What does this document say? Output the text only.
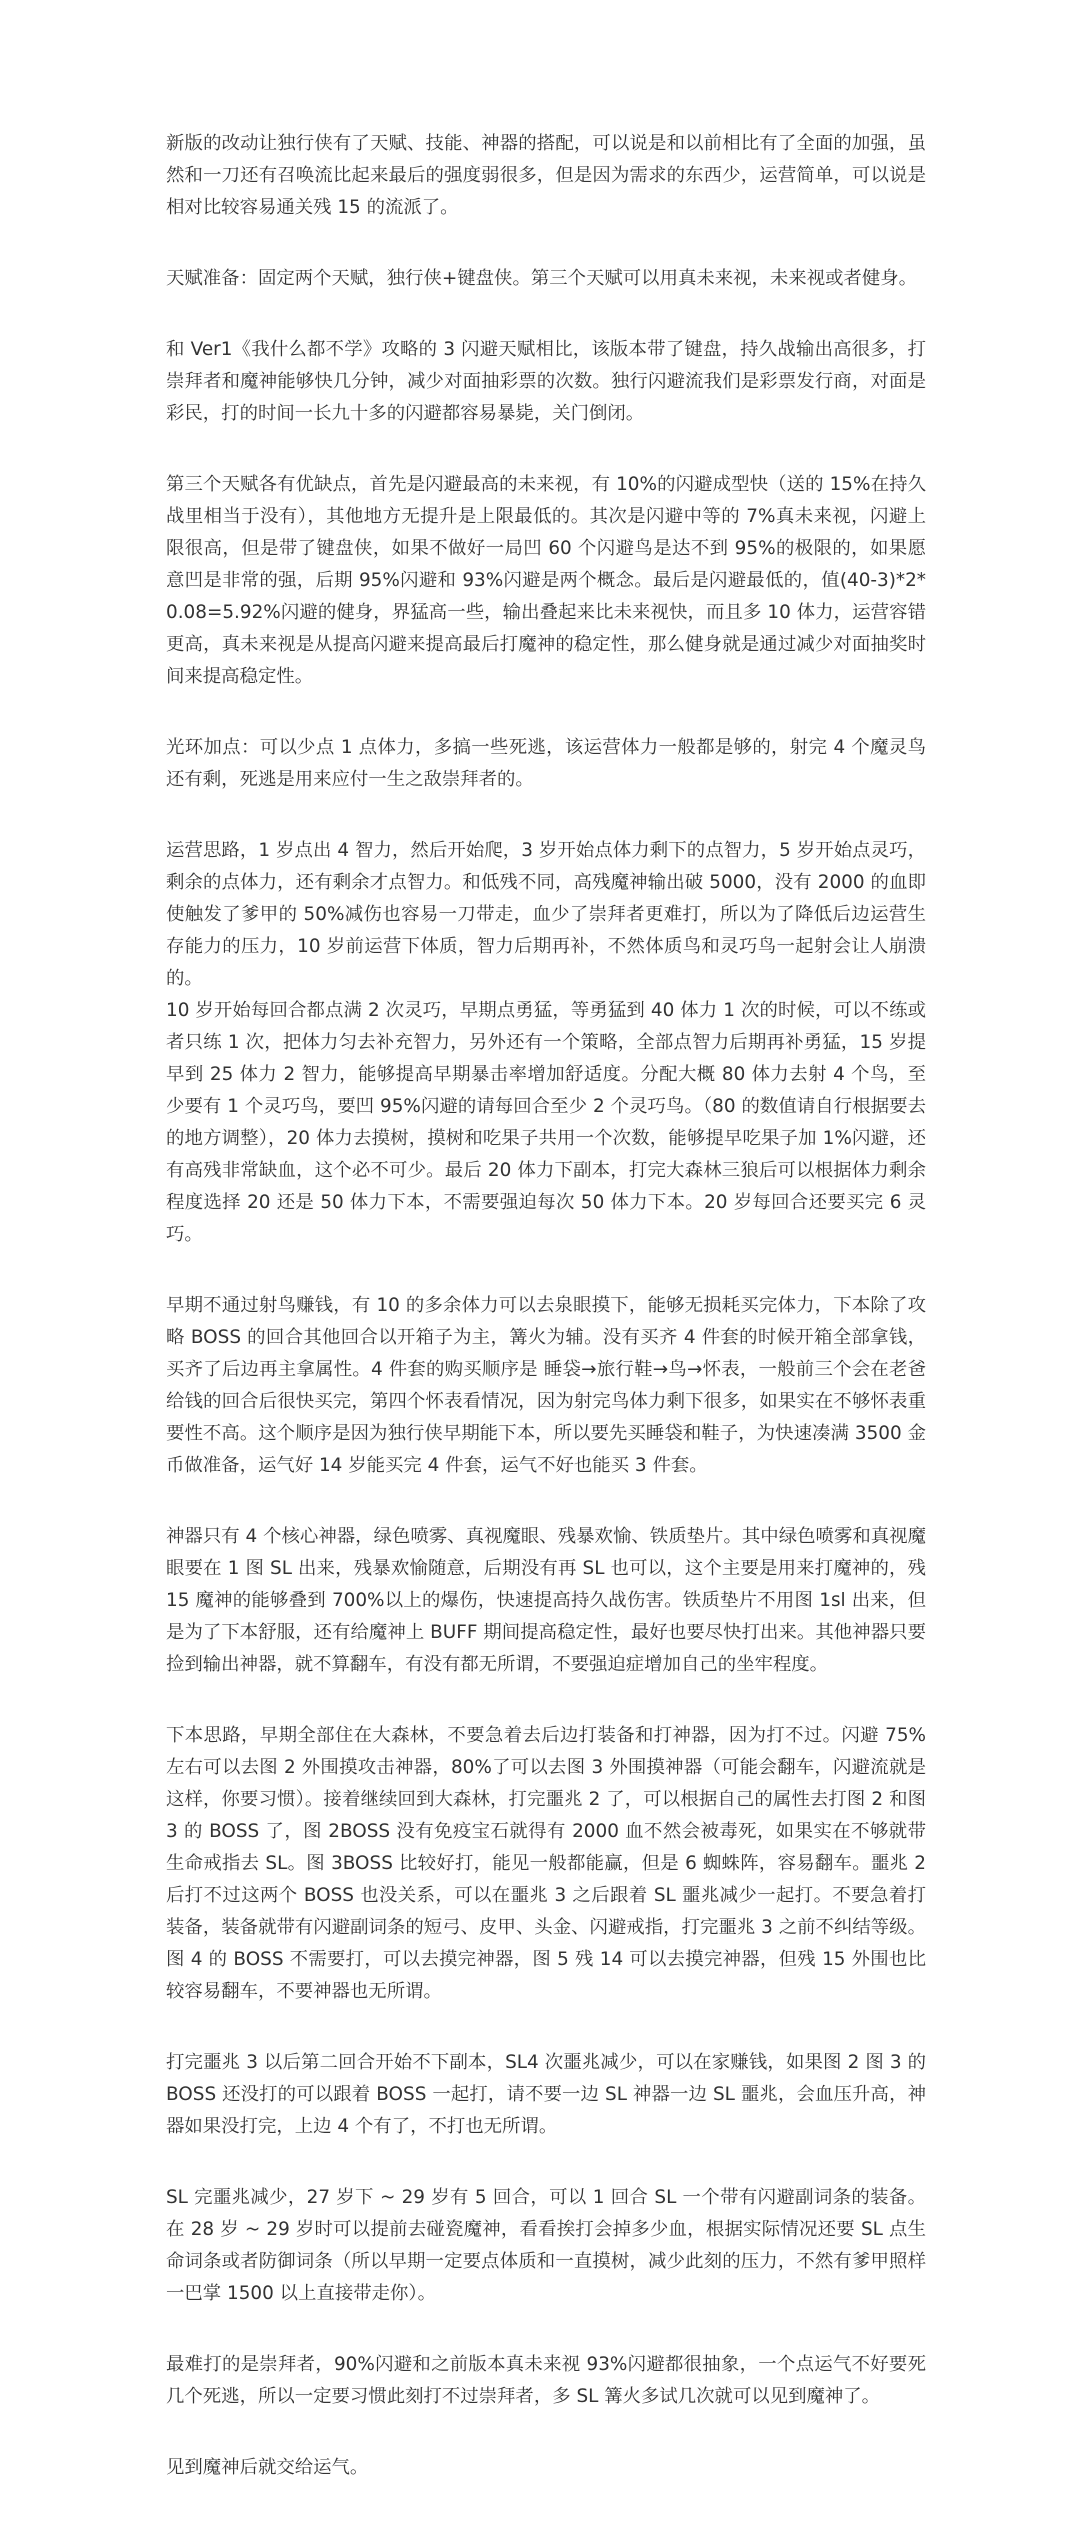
新版的改动让独行侠有了天赋、技能、神器的搭配，可以说是和以前相比有了全面的加强，虽然和一刀还有召唤流比起来最后的强度弱很多，但是因为需求的东西少，运营简单，可以说是相对比较容易通关残 15 的流派了。

天赋准备：固定两个天赋，独行侠+键盘侠。第三个天赋可以用真未来视，未来视或者健身。

和 Ver1《我什么都不学》攻略的 3 闪避天赋相比，该版本带了键盘，持久战输出高很多，打崇拜者和魔神能够快几分钟，减少对面抽彩票的次数。独行闪避流我们是彩票发行商，对面是彩民，打的时间一长九十多的闪避都容易暴毙，关门倒闭。

第三个天赋各有优缺点，首先是闪避最高的未来视，有 10%的闪避成型快（送的 15%在持久战里相当于没有），其他地方无提升是上限最低的。其次是闪避中等的 7%真未来视，闪避上限很高，但是带了键盘侠，如果不做好一局凹 60 个闪避鸟是达不到 95%的极限的，如果愿意凹是非常的强，后期 95%闪避和 93%闪避是两个概念。最后是闪避最低的，值(40-3)*2*0.08=5.92%闪避的健身，界猛高一些，输出叠起来比未来视快，而且多 10 体力，运营容错更高，真未来视是从提高闪避来提高最后打魔神的稳定性，那么健身就是通过减少对面抽奖时间来提高稳定性。

光环加点：可以少点 1 点体力，多搞一些死逃，该运营体力一般都是够的，射完 4 个魔灵鸟还有剩，死逃是用来应付一生之敌崇拜者的。

运营思路，1 岁点出 4 智力，然后开始爬，3 岁开始点体力剩下的点智力，5 岁开始点灵巧，剩余的点体力，还有剩余才点智力。和低残不同，高残魔神输出破 5000，没有 2000 的血即使触发了爹甲的 50%减伤也容易一刀带走，血少了崇拜者更难打，所以为了降低后边运营生存能力的压力，10 岁前运营下体质，智力后期再补，不然体质鸟和灵巧鸟一起射会让人崩溃的。

10 岁开始每回合都点满 2 次灵巧，早期点勇猛，等勇猛到 40 体力 1 次的时候，可以不练或者只练 1 次，把体力匀去补充智力，另外还有一个策略，全部点智力后期再补勇猛，15 岁提早到 25 体力 2 智力，能够提高早期暴击率增加舒适度。分配大概 80 体力去射 4 个鸟，至少要有 1 个灵巧鸟，要凹 95%闪避的请每回合至少 2 个灵巧鸟。（80 的数值请自行根据要去的地方调整），20 体力去摸树，摸树和吃果子共用一个次数，能够提早吃果子加 1%闪避，还有高残非常缺血，这个必不可少。最后 20 体力下副本，打完大森林三狼后可以根据体力剩余程度选择 20 还是 50 体力下本，不需要强迫每次 50 体力下本。20 岁每回合还要买完 6 灵巧。

早期不通过射鸟赚钱，有 10 的多余体力可以去泉眼摸下，能够无损耗买完体力，下本除了攻略 BOSS 的回合其他回合以开箱子为主，篝火为辅。没有买齐 4 件套的时候开箱全部拿钱，买齐了后边再主拿属性。4 件套的购买顺序是 睡袋→旅行鞋→鸟→怀表，一般前三个会在老爸给钱的回合后很快买完，第四个怀表看情况，因为射完鸟体力剩下很多，如果实在不够怀表重要性不高。这个顺序是因为独行侠早期能下本，所以要先买睡袋和鞋子，为快速凑满 3500 金币做准备，运气好 14 岁能买完 4 件套，运气不好也能买 3 件套。

神器只有 4 个核心神器，绿色喷雾、真视魔眼、残暴欢愉、铁质垫片。其中绿色喷雾和真视魔眼要在 1 图 SL 出来，残暴欢愉随意，后期没有再 SL 也可以，这个主要是用来打魔神的，残 15 魔神的能够叠到 700%以上的爆伤，快速提高持久战伤害。铁质垫片不用图 1sl 出来，但是为了下本舒服，还有给魔神上 BUFF 期间提高稳定性，最好也要尽快打出来。其他神器只要捡到输出神器，就不算翻车，有没有都无所谓，不要强迫症增加自己的坐牢程度。

下本思路，早期全部住在大森林，不要急着去后边打装备和打神器，因为打不过。闪避 75%左右可以去图 2 外围摸攻击神器，80%了可以去图 3 外围摸神器（可能会翻车，闪避流就是这样，你要习惯）。接着继续回到大森林，打完噩兆 2 了，可以根据自己的属性去打图 2 和图 3 的 BOSS 了，图 2BOSS 没有免疫宝石就得有 2000 血不然会被毒死，如果实在不够就带生命戒指去 SL。图 3BOSS 比较好打，能见一般都能赢，但是 6 蜘蛛阵，容易翻车。噩兆 2 后打不过这两个 BOSS 也没关系，可以在噩兆 3 之后跟着 SL 噩兆减少一起打。不要急着打装备，装备就带有闪避副词条的短弓、皮甲、头金、闪避戒指，打完噩兆 3 之前不纠结等级。图 4 的 BOSS 不需要打，可以去摸完神器，图 5 残 14 可以去摸完神器，但残 15 外围也比较容易翻车，不要神器也无所谓。

打完噩兆 3 以后第二回合开始不下副本，SL4 次噩兆减少，可以在家赚钱，如果图 2 图 3 的 BOSS 还没打的可以跟着 BOSS 一起打，请不要一边 SL 神器一边 SL 噩兆，会血压升高，神器如果没打完，上边 4 个有了，不打也无所谓。

SL 完噩兆减少，27 岁下 ~ 29 岁有 5 回合，可以 1 回合 SL 一个带有闪避副词条的装备。在 28 岁 ~ 29 岁时可以提前去碰瓷魔神，看看挨打会掉多少血，根据实际情况还要 SL 点生命词条或者防御词条（所以早期一定要点体质和一直摸树，减少此刻的压力，不然有爹甲照样一巴掌 1500 以上直接带走你）。

最难打的是崇拜者，90%闪避和之前版本真未来视 93%闪避都很抽象，一个点运气不好要死几个死逃，所以一定要习惯此刻打不过崇拜者，多 SL 篝火多试几次就可以见到魔神了。

见到魔神后就交给运气。
